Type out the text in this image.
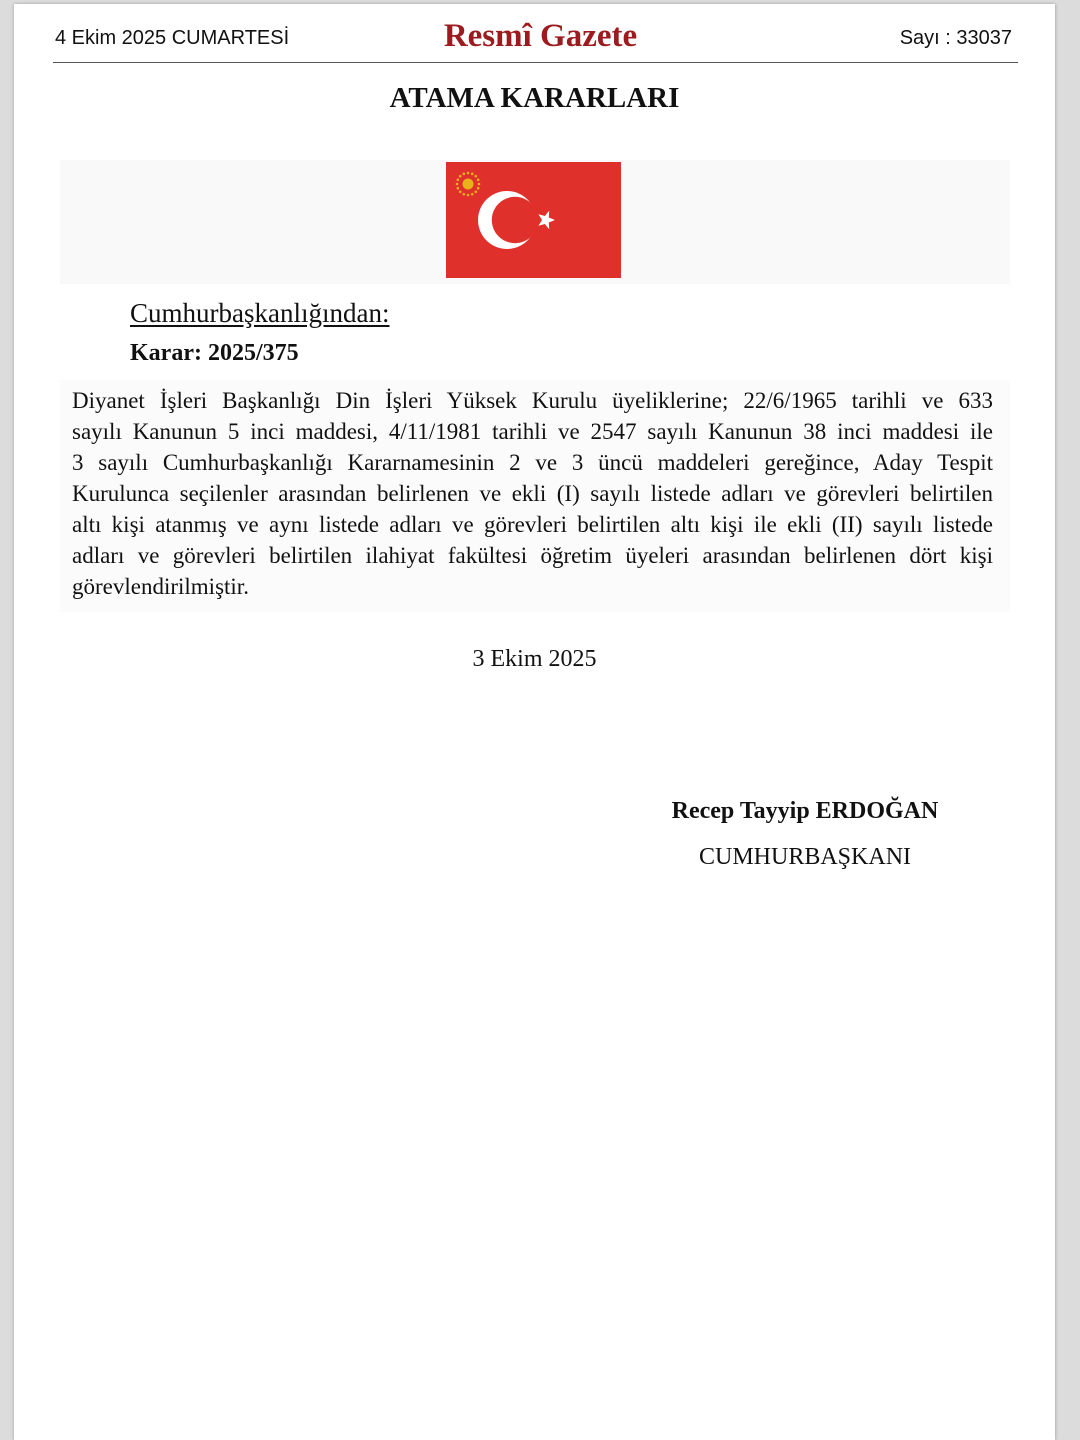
4 Ekim 2025 CUMARTESİ	Resmî Gazete	Sayı : 33037
ATAMA KARARLARI
Cumhurbaşkanlığından:
Karar: 2025/375
Diyanet İşleri Başkanlığı Din İşleri Yüksek Kurulu üyeliklerine; 22/6/1965 tarihli ve 633
sayılı Kanunun 5 inci maddesi, 4/11/1981 tarihli ve 2547 sayılı Kanunun 38 inci maddesi ile
3 sayılı Cumhurbaşkanlığı Kararnamesinin 2 ve 3 üncü maddeleri gereğince, Aday Tespit
Kurulunca seçilenler arasından belirlenen ve ekli (I) sayılı listede adları ve görevleri belirtilen
altı kişi atanmış ve aynı listede adları ve görevleri belirtilen altı kişi ile ekli (II) sayılı listede
adları ve görevleri belirtilen ilahiyat fakültesi öğretim üyeleri arasından belirlenen dört kişi
görevlendirilmiştir.
3 Ekim 2025
Recep Tayyip ERDOĞAN
CUMHURBAŞKANI
